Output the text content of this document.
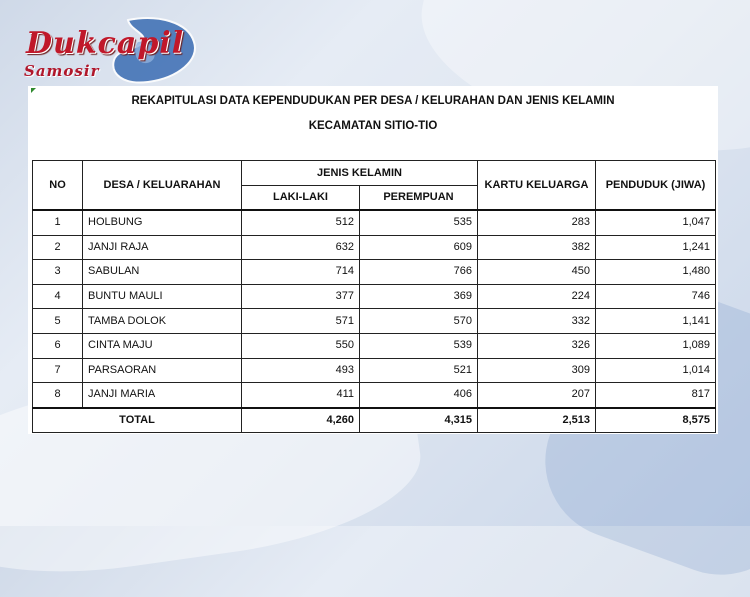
Dukcapil
Samosir
REKAPITULASI DATA KEPENDUDUKAN PER DESA / KELURAHAN DAN JENIS KELAMIN
KECAMATAN SITIO-TIO
NO	DESA / KELUARAHAN	JENIS KELAMIN		KARTU KELUARGA	PENDUDUK (JIWA)
		LAKI-LAKI	PEREMPUAN		
1	HOLBUNG	512	535	283	1,047
2	JANJI RAJA	632	609	382	1,241
3	SABULAN	714	766	450	1,480
4	BUNTU MAULI	377	369	224	746
5	TAMBA DOLOK	571	570	332	1,141
6	CINTA MAJU	550	539	326	1,089
7	PARSAORAN	493	521	309	1,014
8	JANJI MARIA	411	406	207	817
TOTAL		4,260	4,315	2,513	8,575
